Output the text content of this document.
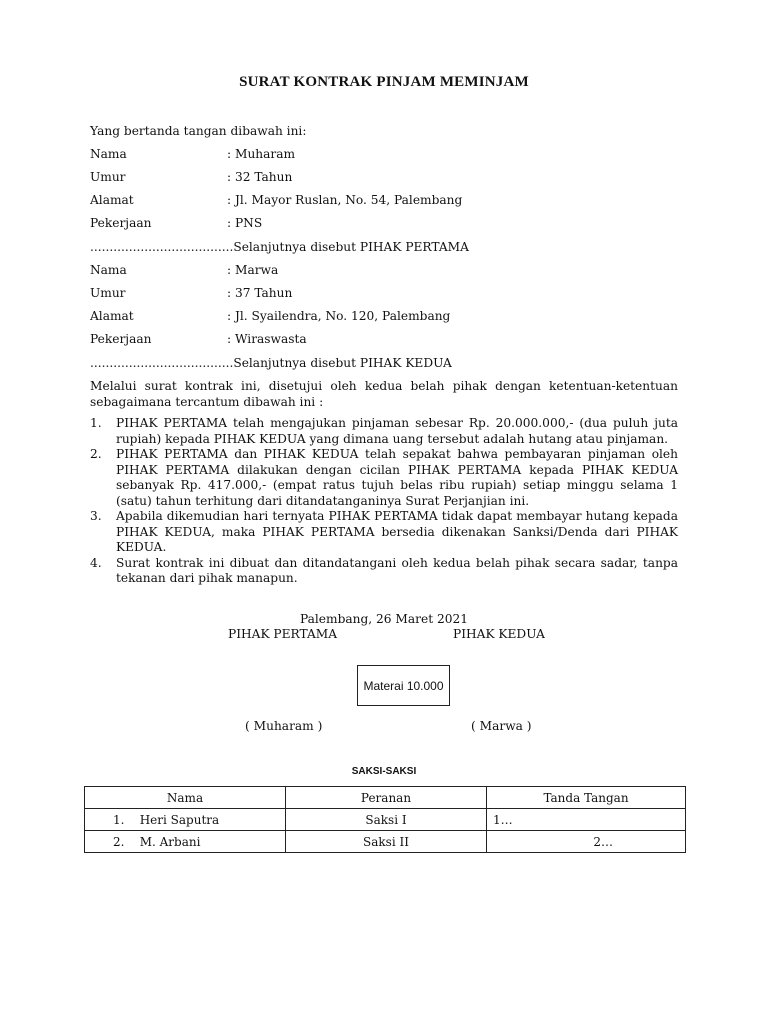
SURAT KONTRAK PINJAM MEMINJAM
Yang bertanda tangan dibawah ini:
Nama	: Muharam
Umur	: 32 Tahun
Alamat	: Jl. Mayor Ruslan, No. 54, Palembang
Pekerjaan	: PNS
.....................................Selanjutnya disebut PIHAK PERTAMA
Nama	: Marwa
Umur	: 37 Tahun
Alamat	: Jl. Syailendra, No. 120, Palembang
Pekerjaan	: Wiraswasta
.....................................Selanjutnya disebut PIHAK KEDUA
Melalui surat kontrak ini, disetujui oleh kedua belah pihak dengan ketentuan-ketentuan sebagaimana tercantum dibawah ini :
1. PIHAK PERTAMA telah mengajukan pinjaman sebesar Rp. 20.000.000,- (dua puluh juta rupiah) kepada PIHAK KEDUA yang dimana uang tersebut adalah hutang atau pinjaman.
2. PIHAK PERTAMA dan PIHAK KEDUA telah sepakat bahwa pembayaran pinjaman oleh PIHAK PERTAMA dilakukan dengan cicilan PIHAK PERTAMA kepada PIHAK KEDUA sebanyak Rp. 417.000,- (empat ratus tujuh belas ribu rupiah) setiap minggu selama 1 (satu) tahun terhitung dari ditandatanganinya Surat Perjanjian ini.
3. Apabila dikemudian hari ternyata PIHAK PERTAMA tidak dapat membayar hutang kepada PIHAK KEDUA, maka PIHAK PERTAMA bersedia dikenakan Sanksi/Denda dari PIHAK KEDUA.
4. Surat kontrak ini dibuat dan ditandatangani oleh kedua belah pihak secara sadar, tanpa tekanan dari pihak manapun.
Palembang, 26 Maret 2021
PIHAK PERTAMA	PIHAK KEDUA
Materai 10.000
( Muharam )	( Marwa )
SAKSI-SAKSI
Nama	Peranan	Tanda Tangan
1.    Heri Saputra	Saksi I	1…
2.    M. Arbani	Saksi II	2…
